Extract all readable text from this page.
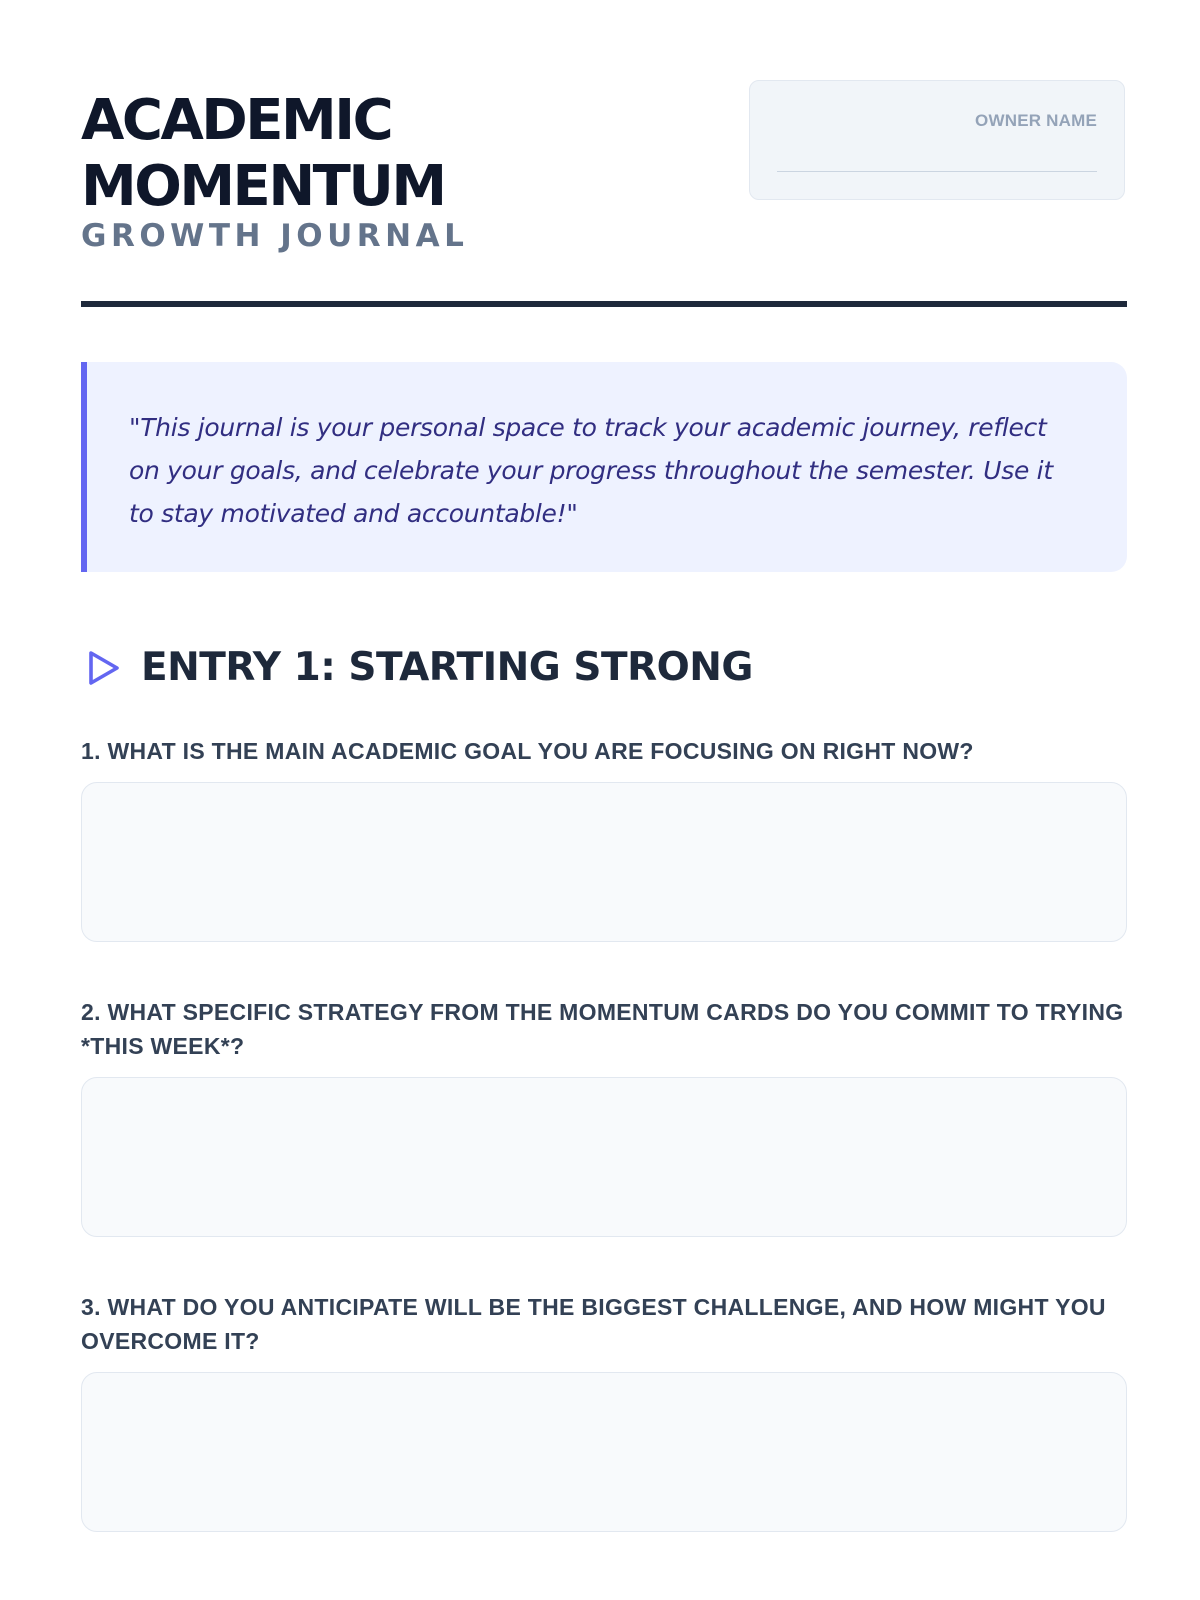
ACADEMIC
MOMENTUM

GROWTH JOURNAL

OWNER NAME

"This journal is your personal space to track your academic journey, reflect on your goals, and celebrate your progress throughout the semester. Use it to stay motivated and accountable!"

ENTRY 1: STARTING STRONG

1. WHAT IS THE MAIN ACADEMIC GOAL YOU ARE FOCUSING ON RIGHT NOW?

2. WHAT SPECIFIC STRATEGY FROM THE MOMENTUM CARDS DO YOU COMMIT TO TRYING *THIS WEEK*?

3. WHAT DO YOU ANTICIPATE WILL BE THE BIGGEST CHALLENGE, AND HOW MIGHT YOU OVERCOME IT?
